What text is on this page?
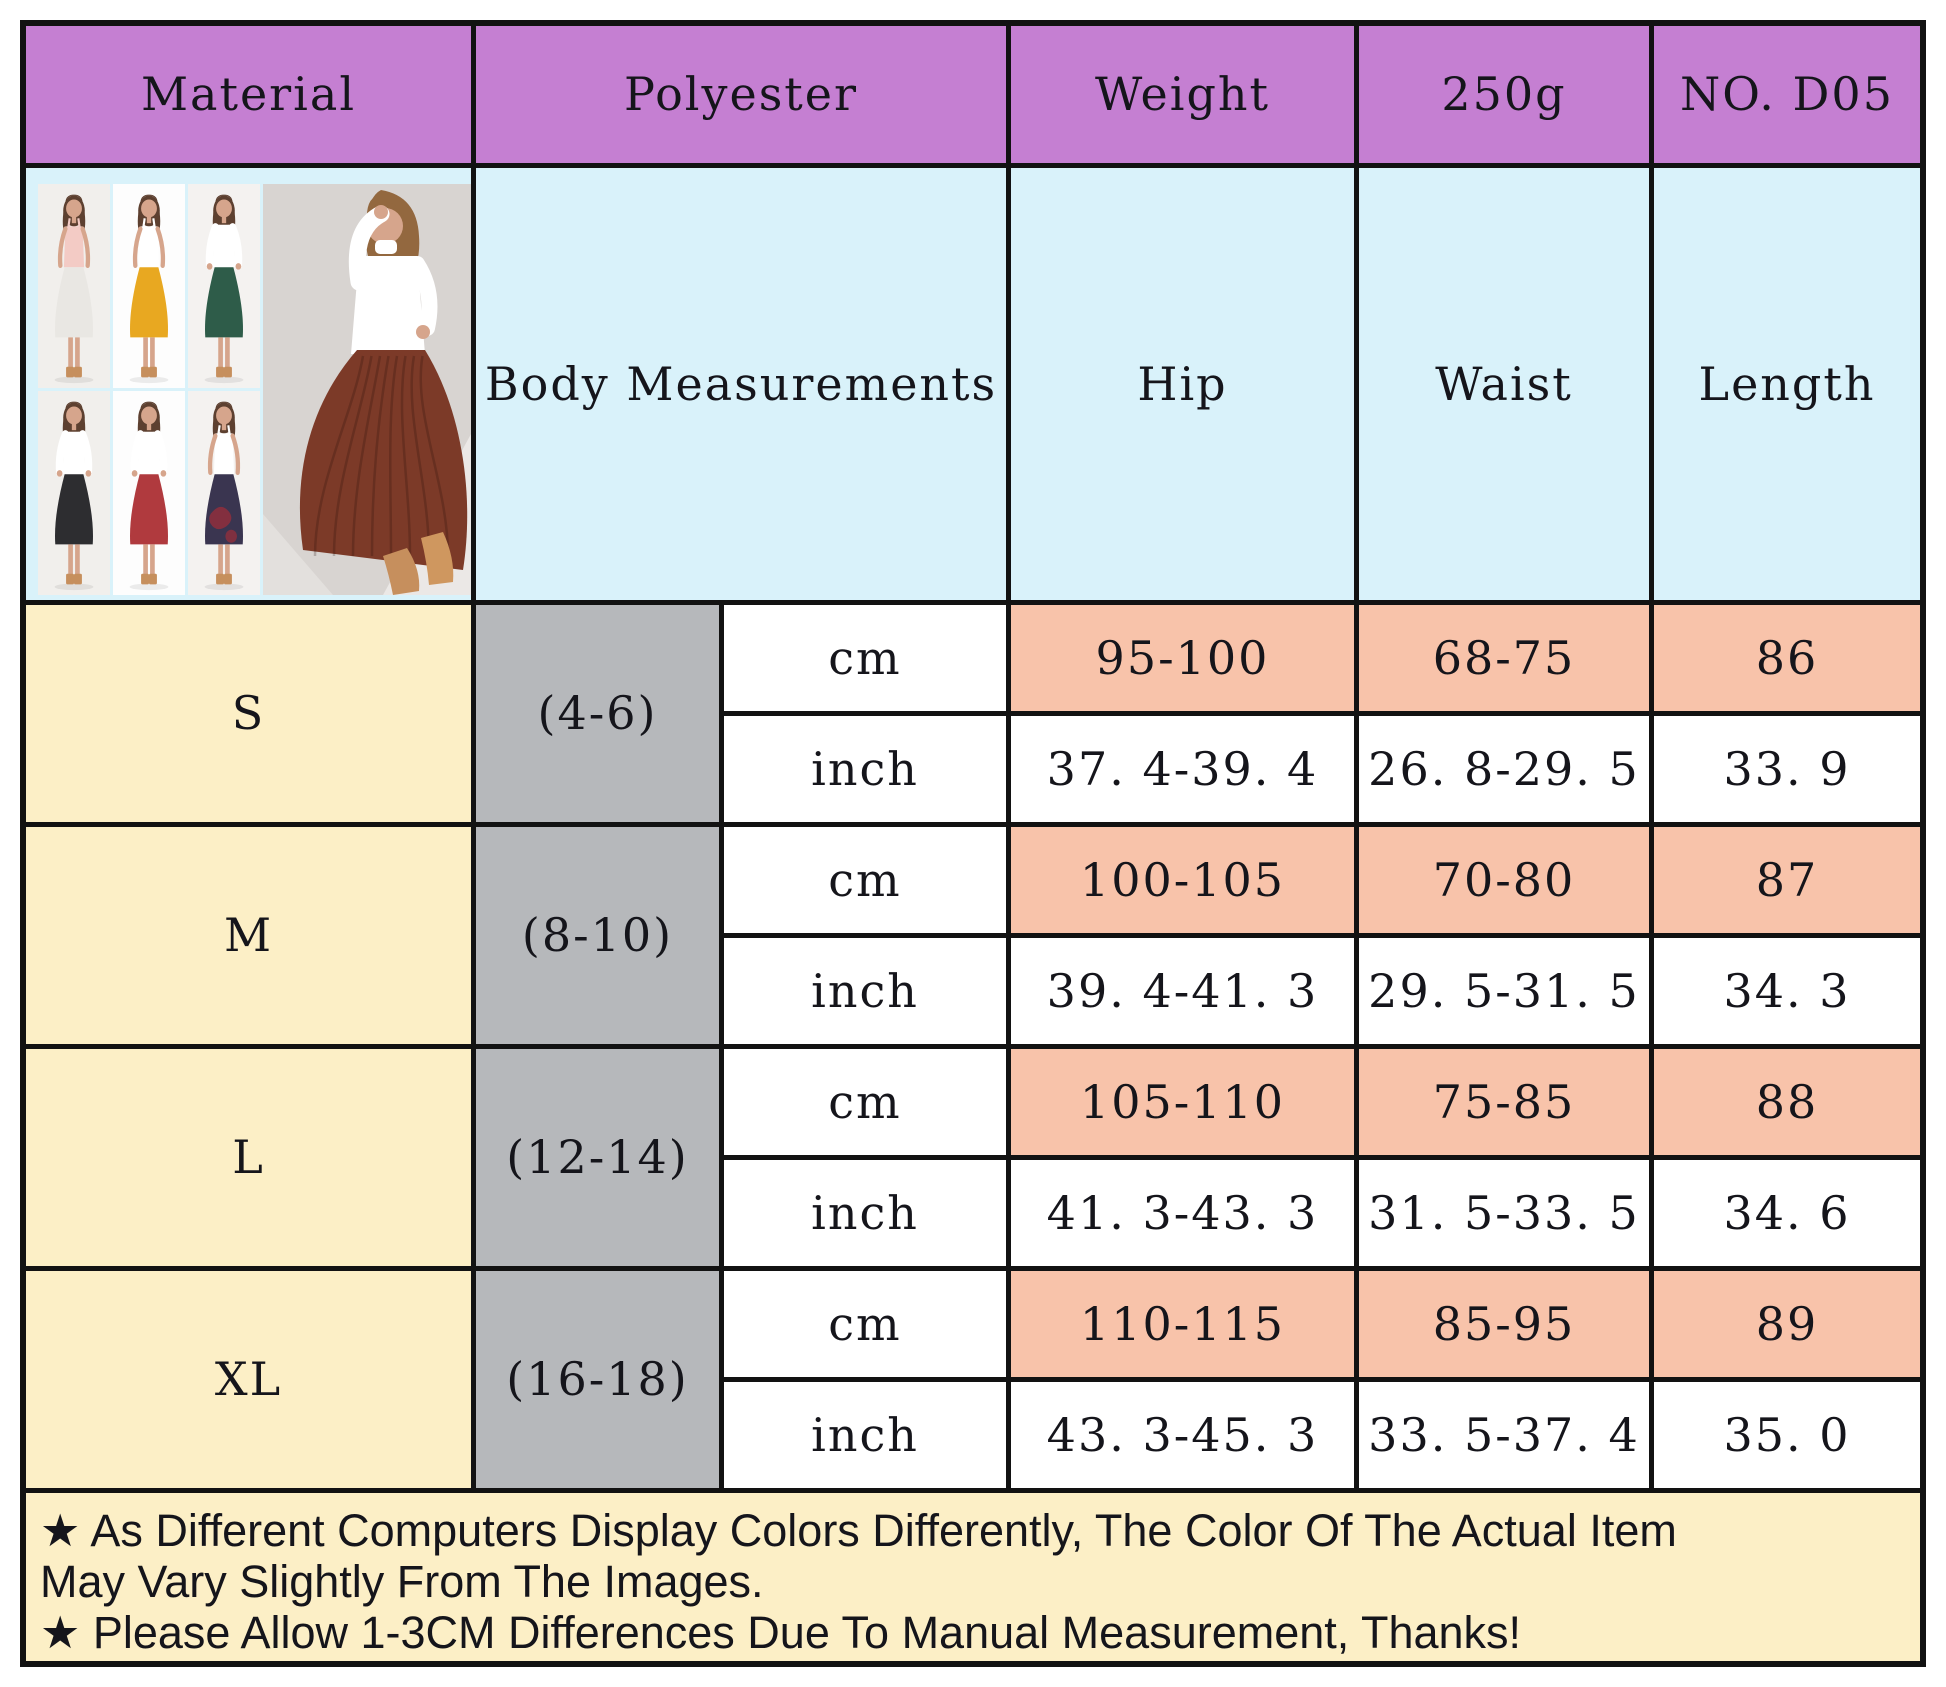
Material	Polyester	Weight	250g	NO. D05
Body Measurements	Hip	Waist	Length
S	(4-6)
cm	95-100	68-75	86
inch	37. 4-39. 4	26. 8-29. 5	33. 9
M	(8-10)
cm	100-105	70-80	87
inch	39. 4-41. 3	29. 5-31. 5	34. 3
L	(12-14)
cm	105-110	75-85	88
inch	41. 3-43. 3	31. 5-33. 5	34. 6
XL	(16-18)
cm	110-115	85-95	89
inch	43. 3-45. 3	33. 5-37. 4	35. 0
★ As Different Computers Display Colors Differently, The Color Of The Actual Item
May Vary Slightly From The Images.
★ Please Allow 1-3CM Differences Due To Manual Measurement, Thanks!
